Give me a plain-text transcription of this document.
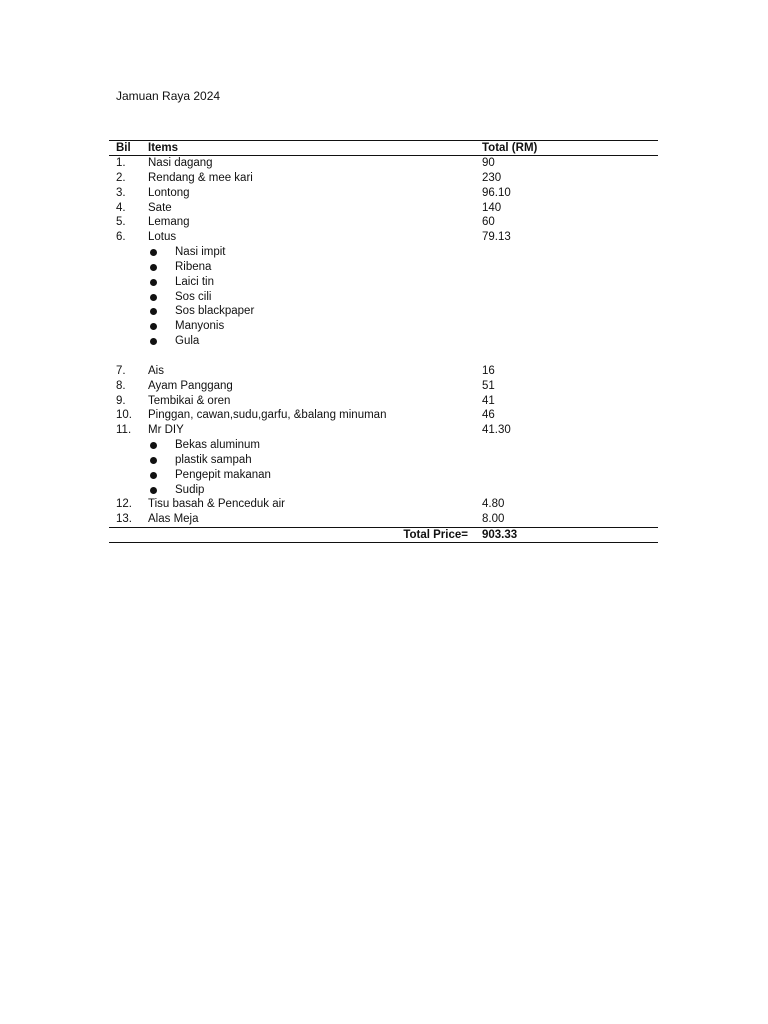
Jamuan Raya 2024
Bil Items	Total (RM)
1. Nasi dagang	90
2. Rendang & mee kari	230
3. Lontong	96.10
4. Sate	140
5. Lemang	60
6. Lotus	79.13
Nasi impit
Ribena
Laici tin
Sos cili
Sos blackpaper
Manyonis
Gula
7. Ais	16
8. Ayam Panggang	51
9. Tembikai & oren	41
10. Pinggan, cawan,sudu,garfu, &balang minuman	46
11. Mr DIY	41.30
Bekas aluminum
plastik sampah
Pengepit makanan
Sudip
12. Tisu basah & Penceduk air	4.80
13. Alas Meja	8.00
Total Price= 903.33
